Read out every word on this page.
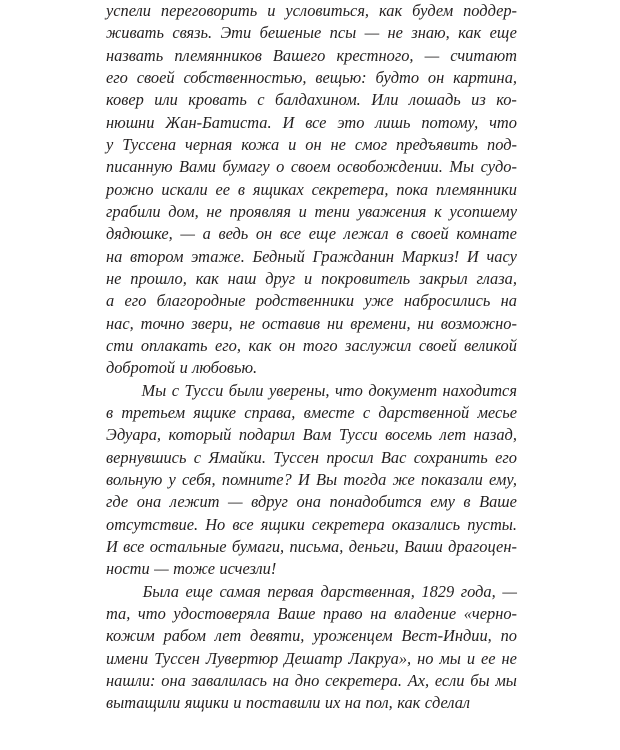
успели переговорить и условиться, как будем поддер-
живать связь. Эти бешеные псы — не знаю, как еще
назвать племянников Вашего крестного, — считают
его своей собственностью, вещью: будто он картина,
ковер или кровать с балдахином. Или лошадь из ко-
нюшни Жан-Батиста. И все это лишь потому, что
у Туссена черная кожа и он не смог предъявить под-
писанную Вами бумагу о своем освобождении. Мы судо-
рожно искали ее в ящиках секретера, пока племянники
грабили дом, не проявляя и тени уважения к усопшему
дядюшке, — а ведь он все еще лежал в своей комнате
на втором этаже. Бедный Гражданин Маркиз! И часу
не прошло, как наш друг и покровитель закрыл глаза,
а его благородные родственники уже набросились на
нас, точно звери, не оставив ни времени, ни возможно-
сти оплакать его, как он того заслужил своей великой
добротой и любовью.
Мы с Тусси были уверены, что документ находится
в третьем ящике справа, вместе с дарственной месье
Эдуара, который подарил Вам Тусси восемь лет назад,
вернувшись с Ямайки. Туссен просил Вас сохранить его
вольную у себя, помните? И Вы тогда же показали ему,
где она лежит — вдруг она понадобится ему в Ваше
отсутствие. Но все ящики секретера оказались пусты.
И все остальные бумаги, письма, деньги, Ваши драгоцен-
ности — тоже исчезли!
Была еще самая первая дарственная, 1829 года, —
та, что удостоверяла Ваше право на владение «черно-
кожим рабом лет девяти, уроженцем Вест-Индии, по
имени Туссен Лувертюр Дешатр Лакруа», но мы и ее не
нашли: она завалилась на дно секретера. Ах, если бы мы
вытащили ящики и поставили их на пол, как сделал
